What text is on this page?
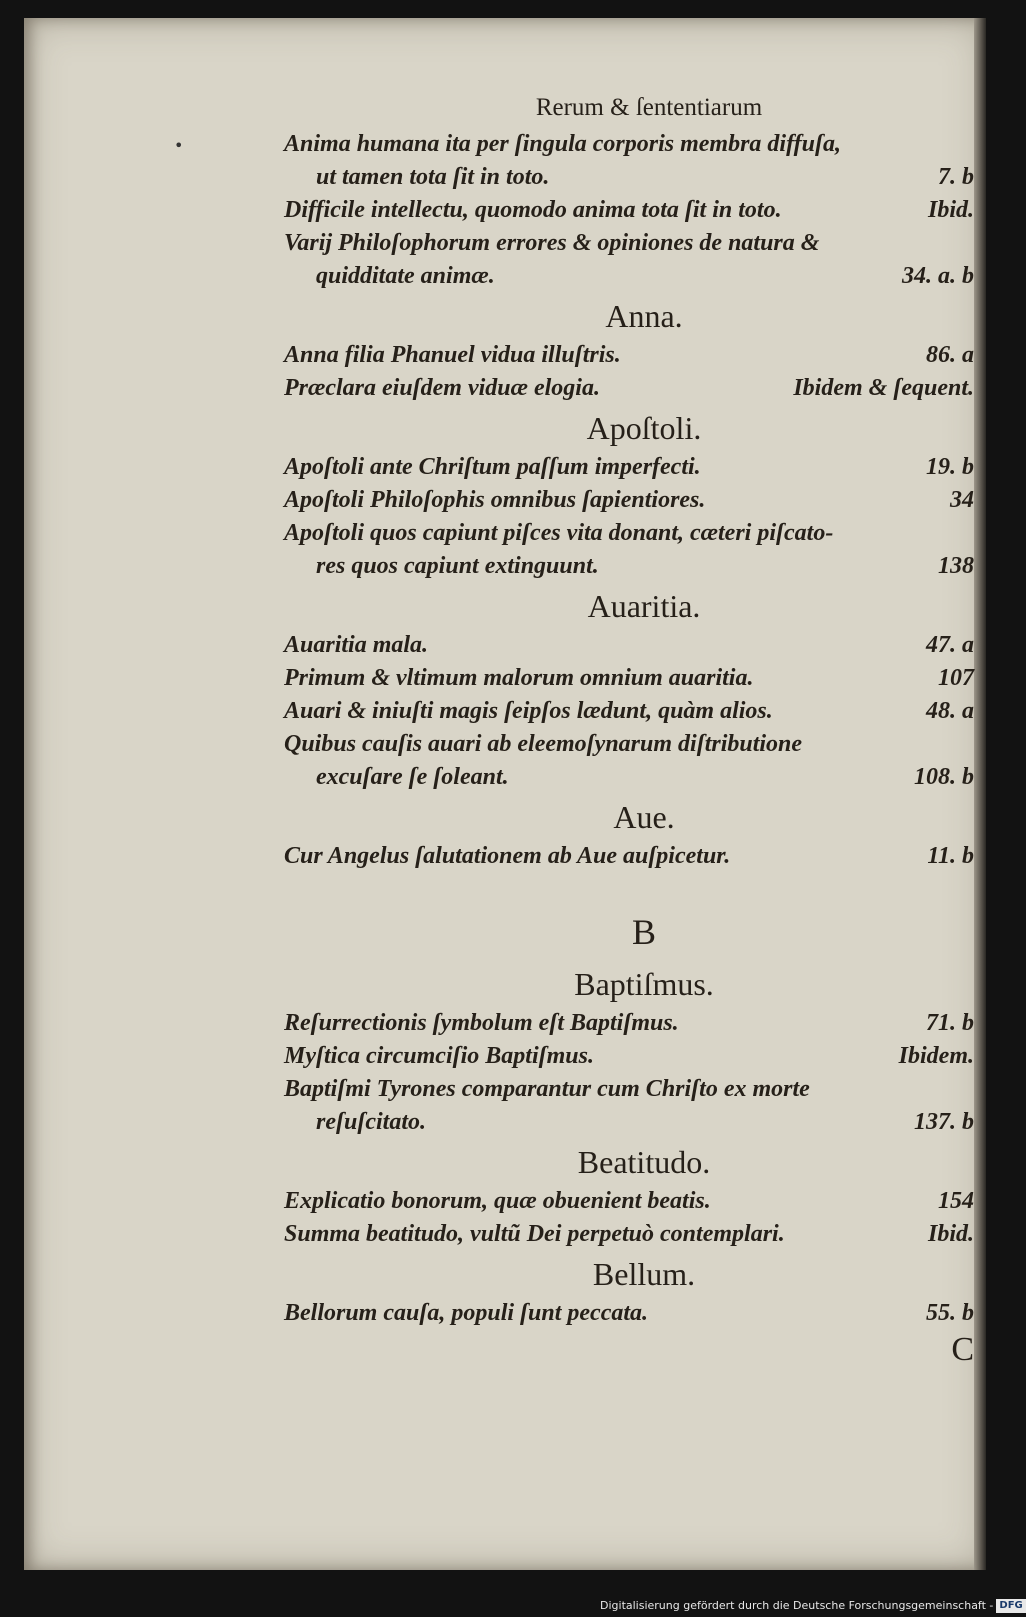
•
Rerum & ſententiarum
Anima humana ita per ſingula corporis membra diffuſa,
ut tamen tota ſit in toto.	7. b
Difficile intellectu, quomodo anima tota ſit in toto.	Ibid.
Varij Philoſophorum errores & opiniones de natura &
quidditate animæ.	34. a. b
Anna.
Anna filia Phanuel vidua illuſtris.	86. a
Præclara eiuſdem viduæ elogia.	Ibidem & ſequent.
Apoſtoli.
Apoſtoli ante Chriſtum paſſum imperfecti.	19. b
Apoſtoli Philoſophis omnibus ſapientiores.	34
Apoſtoli quos capiunt piſces vita donant, cæteri piſcato-
res quos capiunt extinguunt.	138
Auaritia.
Auaritia mala.	47. a
Primum & vltimum malorum omnium auaritia.	107
Auari & iniuſti magis ſeipſos lædunt, quàm alios.	48. a
Quibus cauſis auari ab eleemoſynarum diſtributione
excuſare ſe ſoleant.	108. b
Aue.
Cur Angelus ſalutationem ab Aue auſpicetur.	11. b
B
Baptiſmus.
Reſurrectionis ſymbolum eſt Baptiſmus.	71. b
Myſtica circumciſio Baptiſmus.	Ibidem.
Baptiſmi Tyrones comparantur cum Chriſto ex morte
reſuſcitato.	137. b
Beatitudo.
Explicatio bonorum, quæ obuenient beatis.	154
Summa beatitudo, vultũ Dei perpetuò contemplari.	Ibid.
Bellum.
Bellorum cauſa, populi ſunt peccata.	55. b
C
Digitalisierung gefördert durch die Deutsche Forschungsgemeinschaft - DFG
